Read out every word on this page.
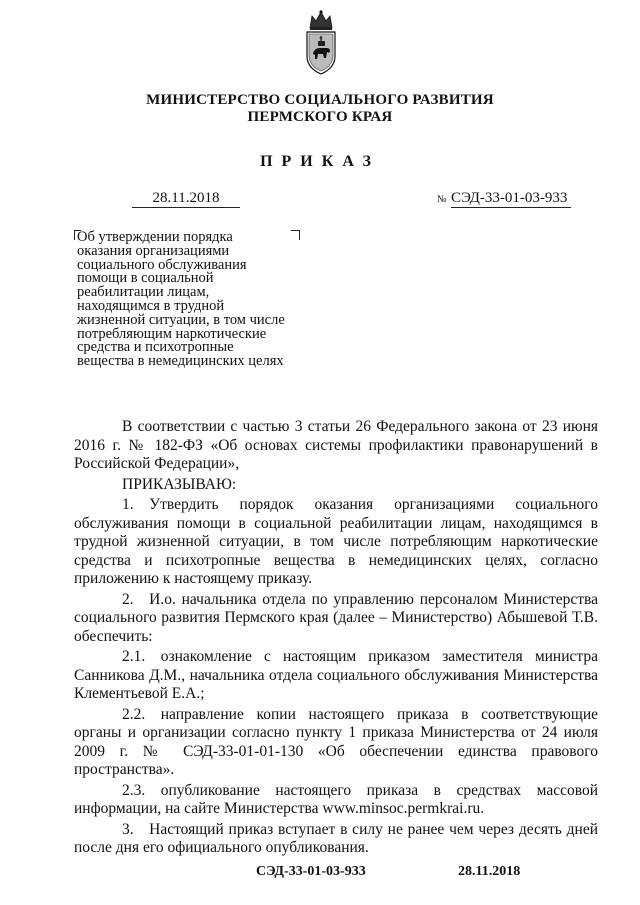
МИНИСТЕРСТВО СОЦИАЛЬНОГО РАЗВИТИЯ
ПЕРМСКОГО КРАЯ
ПРИКАЗ
28.11.2018	№ СЭД-33-01-03-933
Об утверждении порядка
оказания организациями
социального обслуживания
помощи в социальной
реабилитации лицам,
находящимся в трудной
жизненной ситуации, в том числе
потребляющим наркотические
средства и психотропные
вещества в немедицинских целях

В соответствии с частью 3 статьи 26 Федерального закона от 23 июня 2016 г. № 182-ФЗ «Об основах системы профилактики правонарушений в Российской Федерации»,

ПРИКАЗЫВАЮ:

1. Утвердить порядок оказания организациями социального обслуживания помощи в социальной реабилитации лицам, находящимся в трудной жизненной ситуации, в том числе потребляющим наркотические средства и психотропные вещества в немедицинских целях, согласно приложению к настоящему приказу.

2. И.о. начальника отдела по управлению персоналом Министерства социального развития Пермского края (далее – Министерство) Абышевой Т.В. обеспечить:

2.1. ознакомление с настоящим приказом заместителя министра Санникова Д.М., начальника отдела социального обслуживания Министерства Клементьевой Е.А.;

2.2. направление копии настоящего приказа в соответствующие органы и организации согласно пункту 1 приказа Министерства от 24 июля 2009 г. № СЭД-33-01-01-130 «Об обеспечении единства правового пространства».

2.3. опубликование настоящего приказа в средствах массовой информации, на сайте Министерства www.minsoc.permkrai.ru.

3. Настоящий приказ вступает в силу не ранее чем через десять дней после дня его официального опубликования.

СЭД-33-01-03-933	28.11.2018
